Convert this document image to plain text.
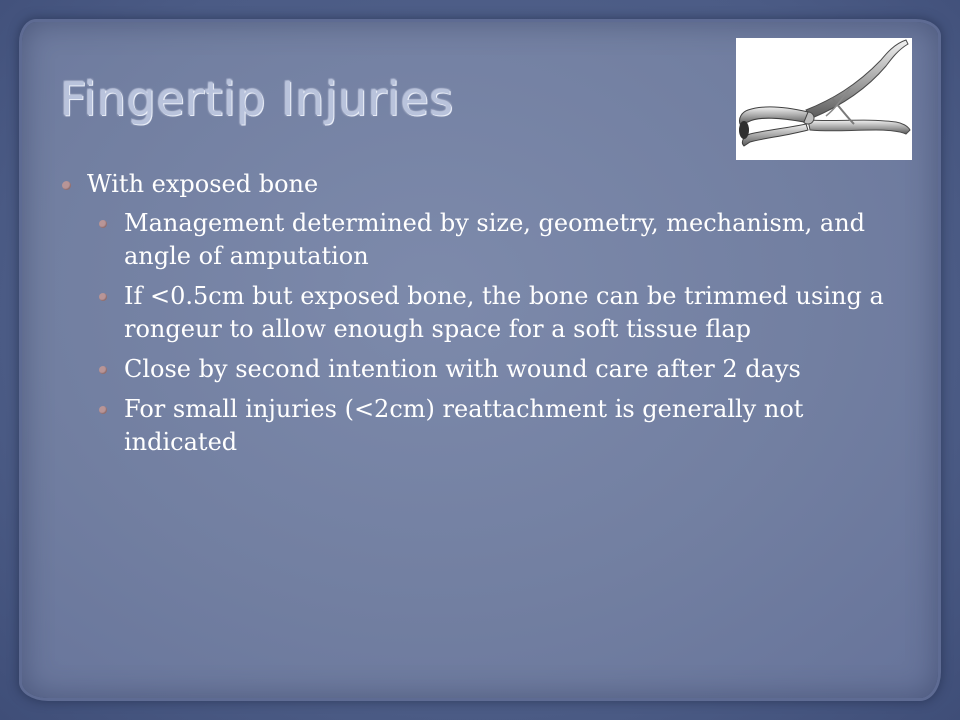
Fingertip Injuries
With exposed bone
Management determined by size, geometry, mechanism, and angle of amputation
If <0.5cm but exposed bone, the bone can be trimmed using a rongeur to allow enough space for a soft tissue flap
Close by second intention with wound care after 2 days
For small injuries (<2cm) reattachment is generally not indicated
